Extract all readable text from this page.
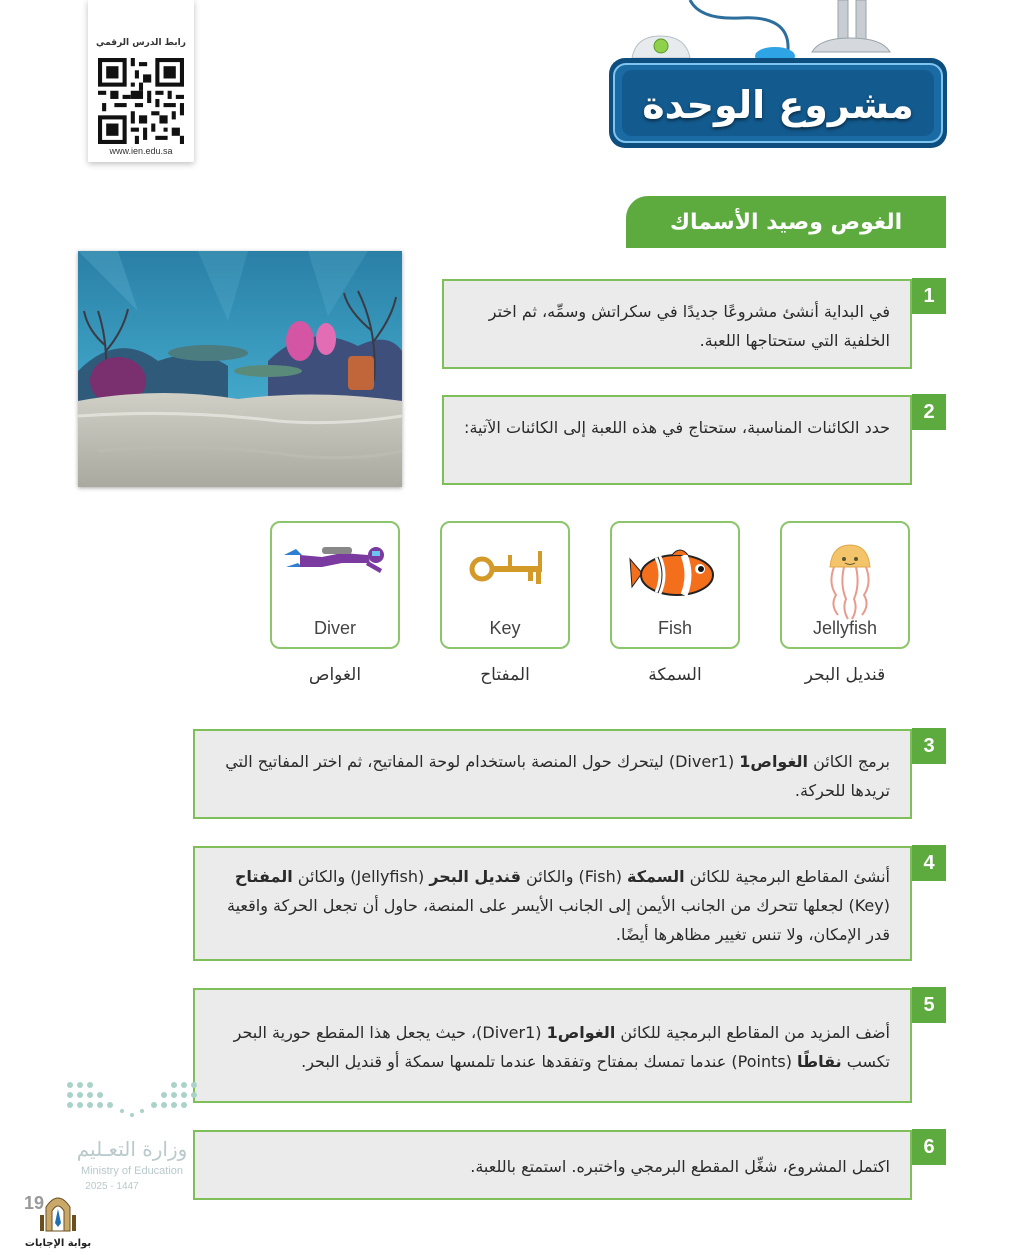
رابط الدرس الرقمي
www.ien.edu.sa
مشروع الوحدة
الغوص وصيد الأسماك
1
في البداية أنشئ مشروعًا جديدًا في سكراتش وسمِّه، ثم اختر الخلفية التي ستحتاجها اللعبة.
2
حدد الكائنات المناسبة، ستحتاج في هذه اللعبة إلى الكائنات الآتية:
Jellyfish
Fish
Key
Diver
قنديل البحر
السمكة
المفتاح
الغواص
3
برمج الكائن الغواص1 (Diver1) ليتحرك حول المنصة باستخدام لوحة المفاتيح، ثم اختر المفاتيح التي تريدها للحركة.
4
أنشئ المقاطع البرمجية للكائن السمكة (Fish) والكائن قنديل البحر (Jellyfish) والكائن المفتاح (Key) لجعلها تتحرك من الجانب الأيمن إلى الجانب الأيسر على المنصة، حاول أن تجعل الحركة واقعية قدر الإمكان، ولا تنس تغيير مظاهرها أيضًا.
5
أضف المزيد من المقاطع البرمجية للكائن الغواص1 (Diver1)، حيث يجعل هذا المقطع حورية البحر تكسب نقاطًا (Points) عندما تمسك بمفتاح وتفقدها عندما تلمسها سمكة أو قنديل البحر.
6
اكتمل المشروع، شغِّل المقطع البرمجي واختبره. استمتع باللعبة.
وزارة التعـليم
Ministry of Education
2025 - 1447
19
بوابة الإجابات
